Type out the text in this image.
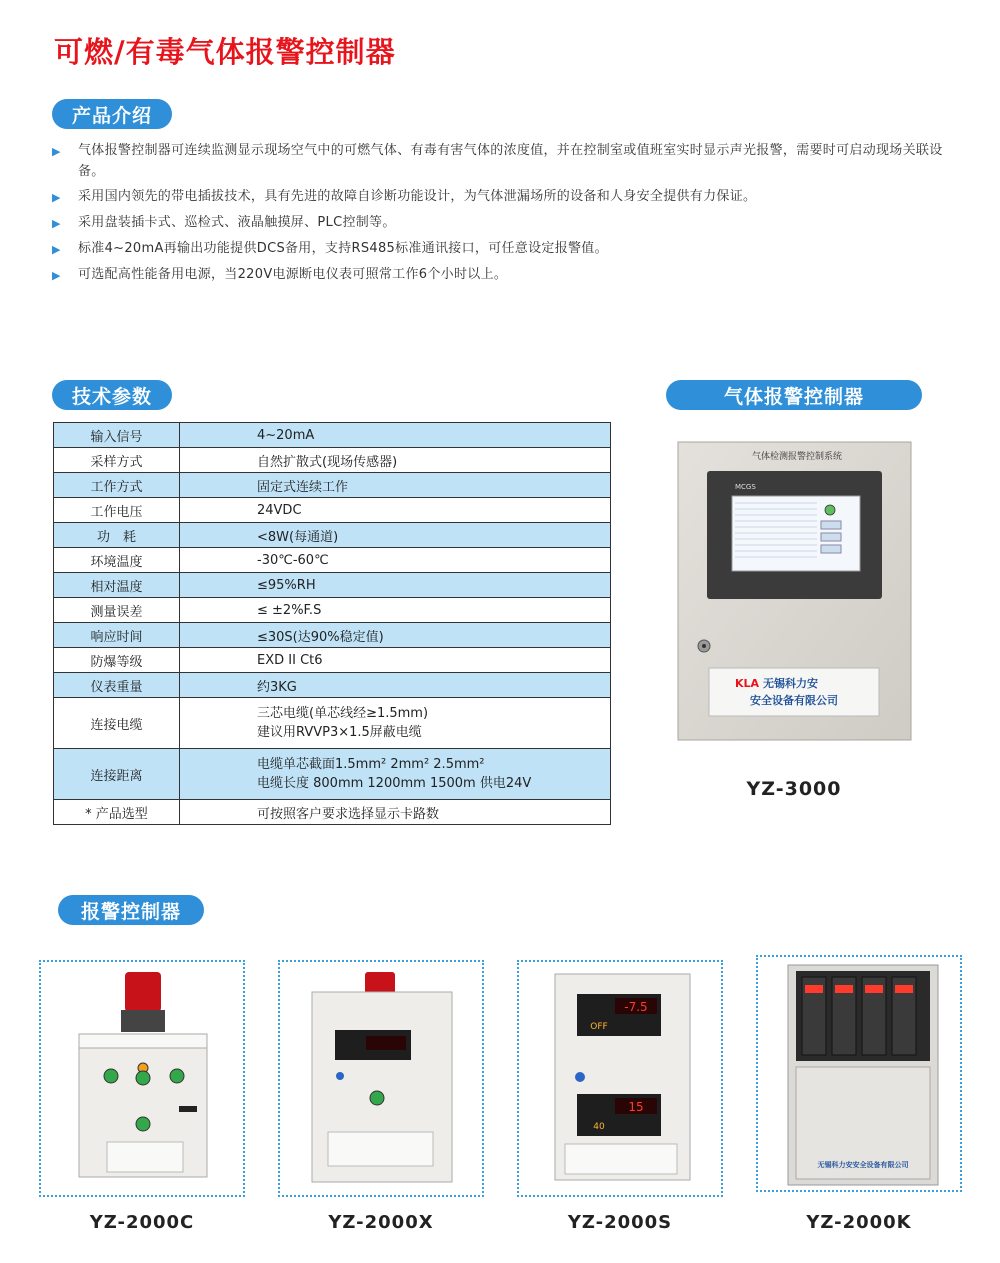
可燃/有毒气体报警控制器
产品介绍
▶	气体报警控制器可连续监测显示现场空气中的可燃气体、有毒有害气体的浓度值，并在控制室或值班室实时显示声光报警，需要时可启动现场关联设备。
▶	采用国内领先的带电插拔技术，具有先进的故障自诊断功能设计，为气体泄漏场所的设备和人身安全提供有力保证。
▶	采用盘装插卡式、巡检式、液晶触摸屏、PLC控制等。
▶	标准4~20mA再输出功能提供DCS备用，支持RS485标准通讯接口，可任意设定报警值。
▶	可选配高性能备用电源，当220V电源断电仪表可照常工作6个小时以上。
技术参数	气体报警控制器
输入信号	4~20mA
采样方式	自然扩散式(现场传感器)
工作方式	固定式连续工作
工作电压	24VDC
功　耗	<8W(每通道)
环境温度	-30℃-60℃
相对温度	≤95%RH
测量误差	≤ ±2%F.S
响应时间	≤30S(达90%稳定值)
防爆等级	EXD II Ct6
仪表重量	约3KG
连接电缆	三芯电缆(单芯线经≥1.5mm)
建议用RVVP3×1.5屏蔽电缆

连接距离	电缆单芯截面1.5mm² 2mm² 2.5mm²
电缆长度 800mm 1200mm 1500m 供电24V

* 产品选型	可按照客户要求选择显示卡路数
气体检测报警控制系统
MCGS
KLA 无锡科力安
安全设备有限公司
YZ-3000
报警控制器
YZ-2000C	YZ-2000X
-7.5
OFF
15
40
YZ-2000S
无锡科力安安全设备有限公司
YZ-2000K
